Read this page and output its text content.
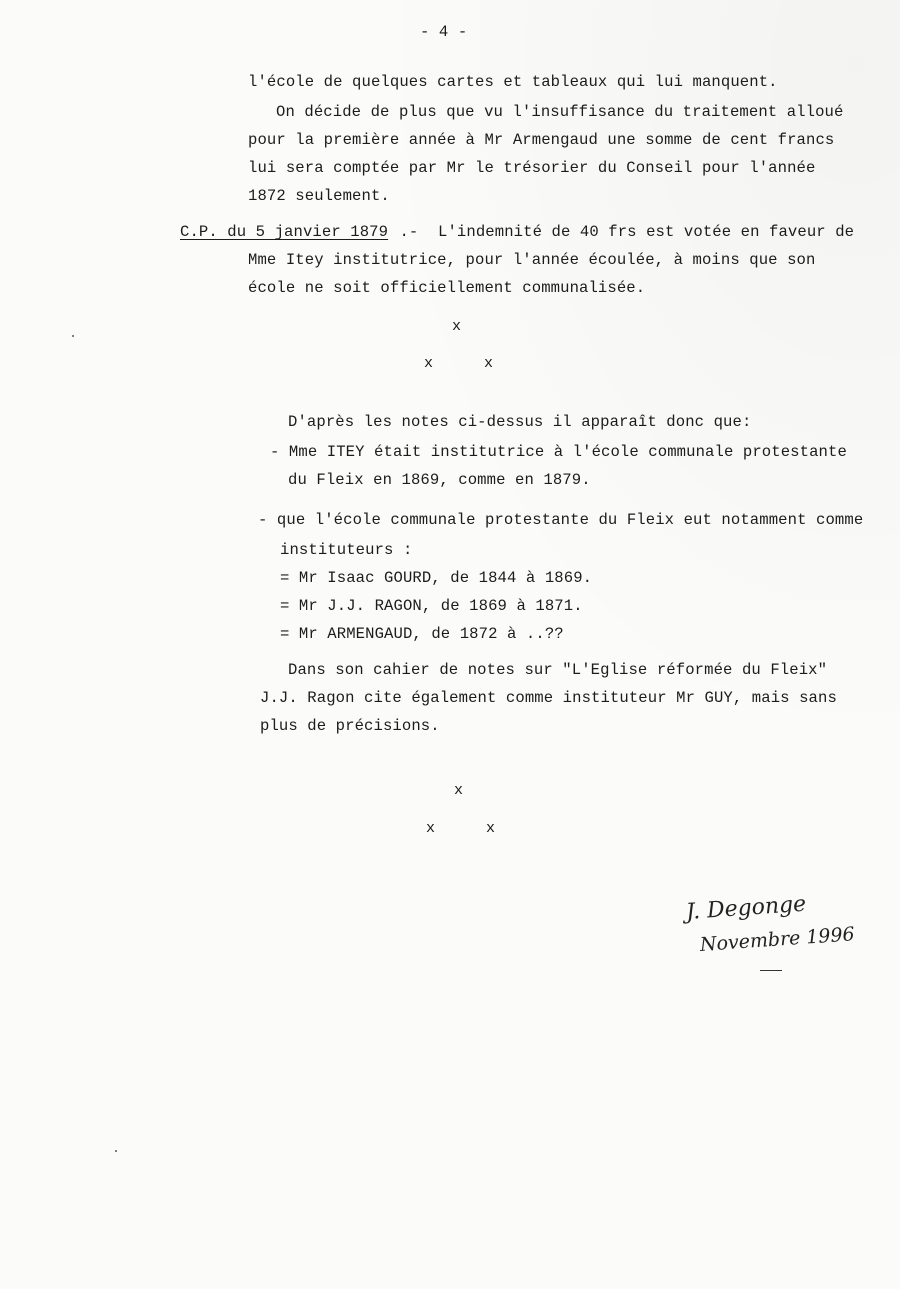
- 4 -
l'école de quelques cartes et tableaux qui lui manquent.
On décide de plus que vu l'insuffisance du traitement alloué
pour la première année à Mr Armengaud une somme de cent francs
lui sera comptée par Mr le trésorier du Conseil pour l'année
1872 seulement.
C.P. du 5 janvier 1879 .- L'indemnité de 40 frs est votée en faveur de
Mme Itey institutrice, pour l'année écoulée, à moins que son
école ne soit officiellement communalisée.
x
x	x
D'après les notes ci-dessus il apparaît donc que:
- Mme ITEY était institutrice à l'école communale protestante
du Fleix en 1869, comme en 1879.
- que l'école communale protestante du Fleix eut notamment comme
instituteurs :
= Mr Isaac GOURD, de 1844 à 1869.
= Mr J.J. RAGON, de 1869 à 1871.
= Mr ARMENGAUD, de 1872 à ..??
Dans son cahier de notes sur "L'Eglise réformée du Fleix"
J.J. Ragon cite également comme instituteur Mr GUY, mais sans
plus de précisions.
x
x	x
J. Degonge
Novembre 1996
